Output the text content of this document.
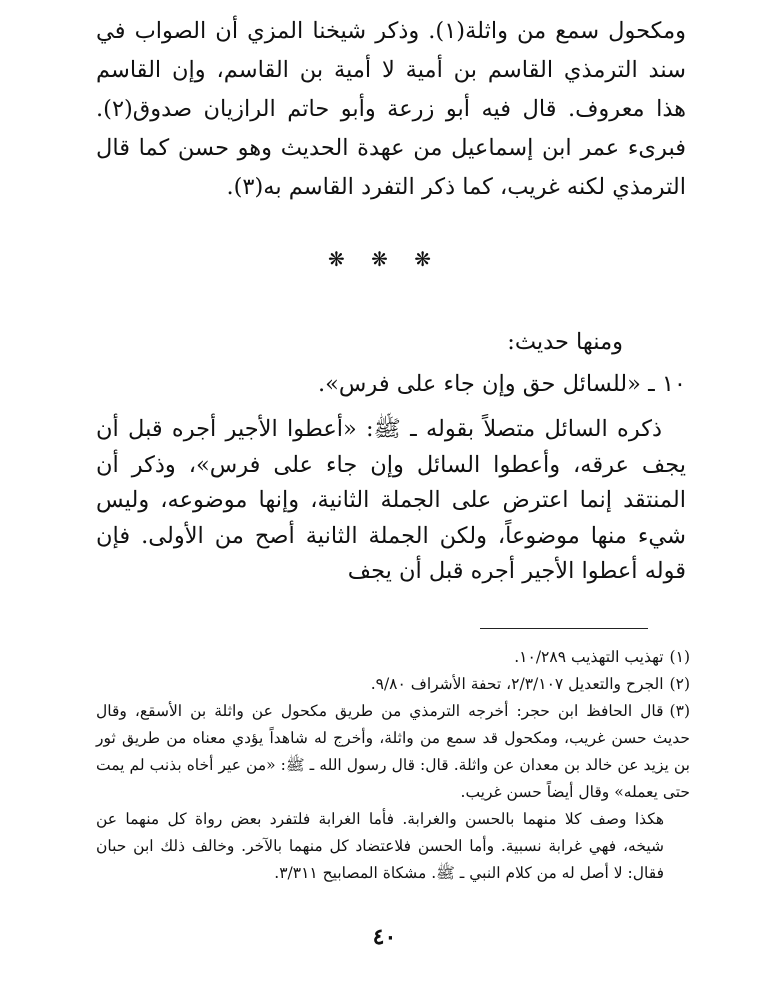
ومكحول سمع من واثلة(١). وذكر شيخنا المزي أن الصواب في سند الترمذي القاسم بن أمية لا أمية بن القاسم، وإن القاسم هذا معروف. قال فيه أبو زرعة وأبو حاتم الرازيان صدوق(٢). فبرىء عمر ابن إسماعيل من عهدة الحديث وهو حسن كما قال الترمذي لكنه غريب، كما ذكر التفرد القاسم به(٣).

❋ ❋ ❋
ومنها حديث:
١٠ ـ «للسائل حق وإن جاء على فرس».

ذكره السائل متصلاً بقوله ـ ﷺ: «أعطوا الأجير أجره قبل أن يجف عرقه، وأعطوا السائل وإن جاء على فرس»، وذكر أن المنتقد إنما اعترض على الجملة الثانية، وإنها موضوعه، وليس شيء منها موضوعاً، ولكن الجملة الثانية أصح من الأولى. فإن قوله أعطوا الأجير أجره قبل أن يجف

(١)تهذيب التهذيب ١٠/٢٨٩.

(٢)الجرح والتعديل ٢/٣/١٠٧، تحفة الأشراف ٩/٨٠.

(٣)قال الحافظ ابن حجر: أخرجه الترمذي من طريق مكحول عن واثلة بن الأسقع، وقال حديث حسن غريب، ومكحول قد سمع من واثلة، وأخرج له شاهداً يؤدي معناه من طريق ثور بن يزيد عن خالد بن معدان عن واثلة. قال: قال رسول الله ـ ﷺ: «من عير أخاه بذنب لم يمت حتى يعمله» وقال أيضاً حسن غريب.

هكذا وصف كلا منهما بالحسن والغرابة. فأما الغرابة فلتفرد بعض رواة كل منهما عن شيخه، فهي غرابة نسبية. وأما الحسن فلاعتضاد كل منهما بالآخر. وخالف ذلك ابن حبان فقال: لا أصل له من كلام النبي ـ ﷺ. مشكاة المصابيح ٣/٣١١.

٤٠
